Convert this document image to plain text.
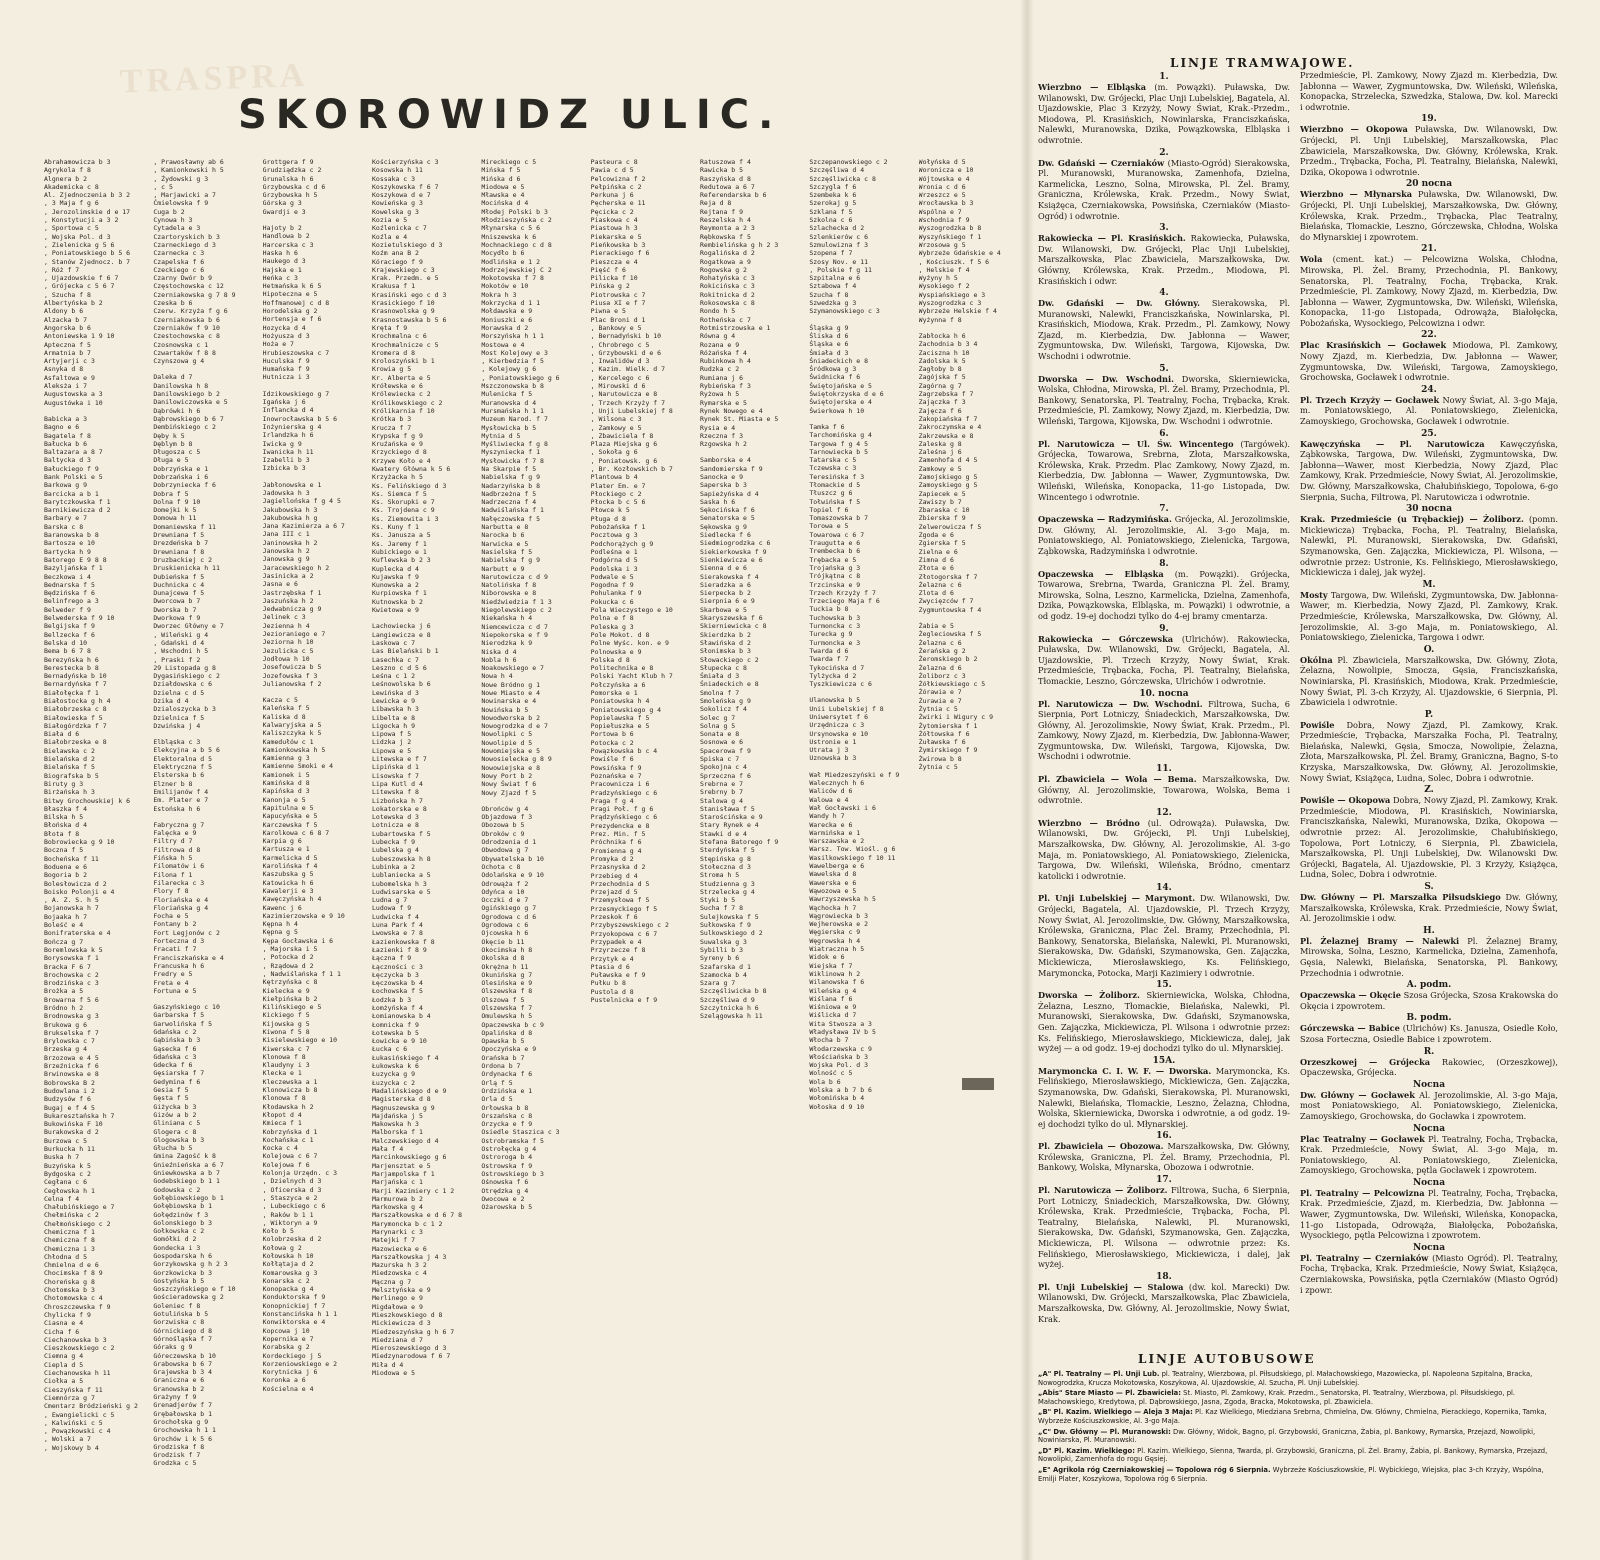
TRASPRA
SKOROWIDZ ULIC.
Abrahamowicza b 3
Agrykola f 8
Algnera b 2
Akademicka c 8
Al. Zjednoczenia b 3 2
, 3 Maja f g 6
, Jerozolimskie d e 17
, Konstytucji a 3 2
, Sportowa c 5
, Wojska Pol. d 3
, Zielenicka g 5 6
, Poniatowskiego b 5 6
, Stanów Zjednocz. b 7
, Róż f 7
, Ujazdowskie f 6 7
, Grójecka c 5 6 7
, Szucha f 8
Albertyńska b 2
Aldony b 6
Alzacka b 7
Angorska b 6
Antoniewska 1 9 10
Apteczna f 5
Armatnia b 7
Artyjerji c 3
Asnyka d 8
Asfaltowa e 9
Aleksża i 7
Augustowska a 3
Augustówka i 10
Babicka a 3
Bagno e 6
Bagatela f 8
Bałucka b 6
Baltazara a 8 7
Baltycka d 3
Bałuckiego f 9
Bank Polski e 5
Barkowa g 9
Barcicka a b 1
Barytczkowska f 1
Barnikiewicza d 2
Barbary e 7
Barska c 8
Baranowska b 8
Bartosza e 10
Bartycka h 9
Batorego E 9 8 8
Bazyljańska f 1
Beczkowa i 4
Bednarska f 5
Będzińska f 6
Belinfrego a 3
Belweder f 9
Belwederska f 9 10
Belgijska f 9
Bellzecka f 6
Belska d 10
Bema b 6 7 8
Berezyńska h 6
Berestecka b 8
Bernadyńska b 10
Bernardyńska f 7
Białołęcka f 1
Białostocka g h 4
Białobrzeska c 8
Białowieska f 5
Białogórdzka f 7
Biała d 6
Białobrzeska e 8
Bielawska c 2
Bielańska d 2
Bielańska f 5
Biografska b 5
Biruty g 3
Birżańska h 3
Bitwy Grochowskiej k 6
Błaszka f 4
Bilska h 5
Błońska d 4
Błota f 8
Bobrowiecka g 9 10
Boczna f 5
Bocheńska f 11
Boduena e 6
Bogoria b 2
Bolesłowicza d 2
Boisko Polonji e 4
, A. Z. S. h 5
Bojanowska h 7
Bojaaka h 7
Boleść e 4
Bonifraterska e 4
Bończa g 7
Boremlowska k 5
Borysowska f 1
Bracka F 6 7
Brochowska c 2
Brodzińska c 3
Brożka a 5
Browarna f 5 6
Bródno h 2
Brodnowska g 3
Brukowa g 6
Brukselska f 7
Brylowska c 7
Brzeska g 4
Brzozowa e 4 5
Brzeźnicka f 6
Brwinowska e 8
Bobrowska B 2
Budowlana i 2
Budzysów f 6
Bugaj e f 4 5
Bukaresztańska h 7
Bukowińska F 10
Burakowska d 2
Burzowa c 5
Burkucka h 11
Buska h 7
Buzyńska k 5
Bydgoska c 2
Cegłana c 6
Cegłowska h 1
Celna f 4
Chałubińskiego e 7
Chełmińska c 2
Chełmońskiego c 2
Chemiczna f 1
Chemiczna f 8
Chemiczna i 3
Chłodna d 5
Chmielna d e 6
Chocimska f 8 9
Choreńska g 8
Chotomska b 3
Chotomowska c 4
Chroszczewska f 9
Chylicka f 9
Ciasna e 4
Cicha f 6
Ciechanowska b 3
Cieszkowskiego c 2
Ciemna g 4
Ciepla d 5
Ciechanowska h 11
Ciołka a 5
Cieszyńska f 11
Ciemnórza g 7
Cmentarz Bródzieński g 2
, Ewangielicki c 5
, Kalwiński c 5
, Powązkowski c 4
, Wolski a 7
, Wojskowy b 4
, Prawosławny ab 6
, Kamionkowski h 5
, Żydowski g 3
, c 5
, Marjawicki a 7
Ćmielowska f 9
Cuga b 2
Cynowa h 3
Cytadela e 3
Czartoryskich b 3
Czarneckiego d 3
Czarnecka c 3
Czapelska f 6
Czeckiego c 6
Czarny Dwór b 9
Częstochowska c 12
Czerniakowska g 7 8 9
Czeska b 6
Czerw. Krzyża f g 6
Czerniakowska b 6
Czerniaków f 9 10
Czestochowska c 8
Czosnowska c 1
Czwartaków f 8 8
Czynszowa g 4
Daleka d 7
Danilowska h 8
Danilowskiego b 2
Danilowiczowska e 5
Dąbrówki h 6
Dąbrowskiego b 6 7
Dembińskiego c 2
Dęby k 5
Dęblym b 8
Długosza c 5
Długa e 5
Dobrzyńska e 1
Dobrzańska i 6
Dobrzyniecka f 6
Dobra f 5
Dolna f 9 10
Domejki k 5
Domowa h 11
Domaniewska f 11
Drewniana f 5
Drezdeńska b 7
Drewniana f 8
Druzbackiej c 2
Druskienicka h 11
Dubieńska f 5
Duchnicka c 4
Dunajcewa f 5
Dworcowa b 7
Dworska b 7
Dworkowa f 9
Dworzec Główny e 7
, Wileński g 4
, Gdański d 4
, Wschodni h 5
, Praski f 2
29 Listopada g 8
Dygasińskiego c 2
Działdowska c 6
Dzielna c d 5
Dzika d 4
Dzialoszycka b 3
Dzielnica f 5
Dzwińska j 4
Elbląska c 3
Elekcyjna a b 5 6
Elektoralna d 5
Elektryczna f 5
Elsterska b 6
Elzner b 8
Emilijanów f 4
Em. Plater e 7
Estońska h 6
Fabryczna g 7
Falęcka e 9
Filtry d 7
Filtrowa d 8
Fińska h 5
Filomatów i 6
Filona f 1
Filarecka c 3
Flory f 8
Floriańska e 4
Floriańska g 4
Focha e 5
Fontany b 2
Fort Legjonów c 2
Forteczna d 3
Fracati f 7
Franciszkańska e 4
Francuska h 6
Fredry e 5
Freta e 4
Fortuna e 5
Gaszyńskiego c 10
Garbarska f 5
Garwolińska f 5
Gdańska c 2
Gąbińska b 3
Gąsecka f 6
Gdańska c 3
Gdecka f 6
Gęsiarska f 7
Gedymina f 6
Gesia f 5
Gęsta f 5
Giżycka b 3
Gizów a b 2
Gliniana c 5
Glogera c 8
Glogowska b 3
Głucha b 5
Gmina Zagość k 8
Gnieźnieńska a 6 7
Gniewkowska a b 7
Godebskiego b 1 1
Godowska c 2
Gołębiowskiego b 1
Gołębiowska b 1
Gołędzinów f 3
Golonskiego b 3
Gołkowska c 2
Gomółki d 2
Gondecka i 3
Gospodarska h 6
Gorzykowska g h 2 3
Gorzkowicka b 3
Gostyńska b 5
Goszczyńskiego e f 10
Gościeradowska g 2
Goleniec f 8
Gotulińska b 5
Gorzwiska c 8
Górnickiego d 8
Górnośląska f 7
Góraks g 9
Góreczewska b 10
Grabowska b 6 7
Grajewska b 3 4
Granicznа e 6
Granowska b 2
Grażyny f 9
Grenadjerów f 7
Grębałowska b 1
Grochołska g 9
Grochowska h 1 1
Grochów i k 5 6
Grodziska f 8
Grodzisk f 7
Grodzka c 5
Grottgera f 9
Grudziądzka c 2
Grunalska h 6
Grzybowska c d 6
Grzybowska h 5
Górska g 3
Gwardji e 3
Hajoty b 2
Handlowa b 2
Harcerska c 3
Haska h 6
Haukego d 3
Hajska e 1
Heńka c 3
Hetmańska k 6 5
Hipoteczna e 5
Hoffmanowej c d 8
Horodelska g 2
Hortensja e f 6
Hozycka d 4
Hożyusza d 3
Hoża e 7
Hrubieszowska c 7
Huculska f 9
Humańska f 9
Hutnicza i 3
Idzikowskiego g 7
Igańska j 6
Inflancka d 4
Inowrocławska b 5 6
Inżynierska g 4
Irlandzka h 6
Iwicka g 9
Iwanicka h 11
Izabelli b 3
Izbicka b 3
Jabłonowska e 1
Jadowska h 3
Jagiellońska f g 4 5
Jakubowska h 3
Jakubowska h g
Jana Kazimierza a 6 7
Jana III c 1
Janinowska h 2
Janowska h 2
Janowska g 9
Jaracewskiego h 2
Jasinicka a 2
Jasna e 6
Jastrzębska f 1
Jaszuńska h 2
Jedwabnicza g 9
Jelinek c 3
Jezienna h 4
Jezioraniego e 7
Jeziorna h 10
Jezulicka c 5
Jodłowa h 10
Josefowicza b 5
Jozefowska f 3
Julianowska f 2
Kacza c 5
Kaleńska f 5
Kaliska d 8
Kalwaryjska a 5
Kaliszczyka k 5
Kamedułów c 1
Kamionkowska h 5
Kamienna g 3
Kamienne Smoki e 4
Kamionek i 5
Kamińska d 8
Kapińska d 3
Kanonja e 5
Kapitulna e 5
Kapucyńska e 5
Karczewska f 5
Karolkowa c 6 8 7
Karpia g 6
Kartusza e 1
Karmelicka d 5
Karolińska f 4
Kaszubska g 5
Katowicka h 6
Kawalerji e 3
Kawęczyńska h 4
Kawenc j 6
Kazimierzowska e 9 10
Kępna h 4
Kępna g 5
Kępa Gocławska i 6
, Majorska i 5
, Potocka d 2
, Rządowa d 2
, Nadwiślańska f 1 1
Kętrzyńska c 8
Kielecka e 9
Kiełpińska b 2
Kilińskiego e 5
Kickiego f 5
Kijowska g 5
Kiwona f 5 8
Kisielewskiego e 10
Kiwerska c 7
Klonowa f 8
Klaudyny i 3
Klecka e 1
Kleczewska a 1
Klonowicza b 8
Klonowa f 8
Kłodawska h 2
Kłopot d 4
Kmieca f 1
Kobrzyńska d 1
Kochańska c 1
Kocka c 4
Kolejowa c 6 7
Kolejowa f 6
Kolonja Urzędn. c 3
, Dzielnych d 3
, Oficerska d 3
, Staszyca e 2
, Lubeckiego c 6
, Raków b 1 1
, Wiktoryn a 9
Koło b 5
Kolobrzeska d 2
Kołowa g 2
Kołowska h 10
Kołłątaja d 2
Komarowska g 3
Konarska c 2
Konopacka g 4
Konduktorska f 9
Konopnickiej f 7
Konstancińska h 1 1
Konwiktorska e 4
Kopcowa j 10
Kopernika e 7
Korabska g 2
Kordeckiego j 5
Korzeniowskiego e 2
Korytnicka j 6
Koronka a 6
Kościelna e 4
Kościerzyńska c 3
Kosowska h 11
Kossaka c 3
Koszykowska f 6 7
Koszykowa d e 7
Kowieńska g 3
Kowelska g 3
Kozia e 5
Koźlenicka c 7
Koźla e 4
Kozietulskiego d 3
Koźm ana B 2
Kóraciego f 9
Krajewskiego c 3
Krak. Przedm. e 5
Krakusa f 1
Krasiński ego c d 3
Krasickiego f 10
Krasnowolska g 9
Krasnostawska b 5 6
Kręta f 9
Krochmalna c 6
Krochmalnicze c 5
Kromera d 8
Kroloszyński b 1
Krowia g 5
Kr. Alberta e 5
Krółewska e 6
Królewiecka c 2
Królikowskiego c 2
Królikarnia f 10
Krótka b 3
Krucza f 7
Krypska f g 9
Kruźańska e 9
Krzyckiego d 8
Krzywe Koło e 4
Kwatery Główna k 5 6
Krzyżacka h 5
Ks. Felińskiego d 3
Ks. Siemca f 5
Ks. Skorupki e 7
Ks. Trojdena c 9
Ks. Ziemowita i 3
Ks. Kuny f 1
Ks. Janusza a 5
Ks. Jaremy f 1
Kubickiego e 1
Kuflewska b 2 3
Kuplecka d 4
Kujawska f 9
Kunowska a 2
Kurpiowska f 1
Kutnowska b 2
Kwietowa e 9
Lachowiecka j 6
Langiewicza e 8
Laskowa c 7
Las Bielański b 1
Lasechka c 7
Leszno c d 5 6
Leśna c 1 2
Leśnowolska b 6
Lewińska d 3
Lewicka e 9
Libawska h 3
Libelta e 8
Ligocka h 9
Lipowa f 5
Lidzka j 2
Lipowa e 5
Litewska e f 7
Lipińska d 1
Lisowska f 7
Lipa Kutl d 4
Litewska f 8
Lizbońska h 7
Lokatorska e 8
Lotewska d 3
Lotnicza e 8
Lubartowska f 5
Lubecka f 9
Lubelska g 4
Lubeszowska h 8
Lubinka a 2
Lublaniecka a 5
Lubomelska h 3
Ludwisarska e 5
Ludna g 7
Ludowa f 9
Ludwicka f 4
Luna Park f 4
Lwowska e 7 8
Łazienkowska f 8
Łazienki f 8 9
Łączna f 9
Łączności c 3
Łęczycka b 3
Łęczowska b 4
Łochowska f 5
Łodzka b 3
Łomżyńska f 4
Łomianowska b 4
Łomnicka f 9
Łotewska b 5
Łowicka e 9 10
Łucka c 6
Łukasińskiego f 4
Łukowska k 6
Łuzycka g 9
Łuzycka c 2
Madalińskiego d e 9
Magisterska d 8
Magnuszewska g 9
Majdańska j 5
Makowska h 3
Malborska f 1
Malczewskiego d 4
Mała f 4
Marcinkowskiego g 6
Marjensztat e 5
Marjampolska f 1
Marjańska c 1
Marji Kazimiery c 1 2
Marmurowa b 2
Markowska g 4
Marszałkowska e d 6 7 8
Marymoncka b c 1 2
Marynarki c 3
Matejki f 7
Mazowiecka e 6
Marszałkowska j 4 3
Mazurska h 3 2
Miedzowska c 4
Mączna g 7
Melsztyńska e 9
Merlinego e 9
Migdałowa e 9
Mieszkowskiego d 8
Mickiewicza d 3
Miedzeszyńska g h 6 7
Miedzianа d 7
Mieroszewskiego d 3
Miedzynarodowa f 6 7
Miła d 4
Miodowa e 5
Mireckiego c 5
Mińska f 5
Mińska d 6
Miodowa e 5
Mławska e 4
Mocińska d 4
Młodej Polski b 3
Młodzieszyńska c 2
Młynarska c 5 6
Mniszewska k 6
Mochnackiego c d 8
Mocydło b 6
Modlińska e 1 2
Modrzejewskiej C 2
Mokotowska f 7 8
Mokotów e 10
Mokra h 3
Mokrzycka d 1 1
Mołdawska e 9
Moniuszki e 6
Morawska d 2
Morszyńska h 1 1
Mostowa e 4
Most Kolejowy e 3
, Kierbedzia f 5
, Kolejowy g 6
, Poniatowskiego g 6
Mszczonowska b 8
Mulenicka f 5
Muranowska d 4
Mursmańska h 1 1
Muzeum Narod. f 7
Mysłowicka b 5
Mytnia d 5
Myśliwiecka f g 8
Myszyniecka f 1
Mysłowicka f 7 8
Na Skarpie f 5
Nabielska f g 9
Nadarzyńska b 8
Nadbrzeżna f 5
Nadrzeczna f 4
Nadwiślańska f 1
Nałęczowska f 5
Narbutta e 8
Narocka b 6
Narwicka e 5
Nasielska f 5
Nabielska f g 9
Narbutt e 9
Narutowicza c d 9
Natolińska f 8
Niborowska e 8
Niedźwiedzia f 1 3
Niegolewskiego c 2
Niekańska h 4
Niemcewicza c d 7
Niepokorska e f 9
Nierodzka k 9
Niska d 4
Nobla h 6
Noakowskiego e 7
Nowa h 4
Nowe Bródno g 1
Nowe Miasto e 4
Nowinarska e 4
Nowińska b 5
Nowodworska b 2
Nowogrodzka d e 7
Nowolipki c 5
Nowolipie d 5
Nowomiejska e 5
Nowosielecka g 8 9
Nowowiejska e 8
Nowy Port b 2
Nowy Świat f 6
Nowy Zjazd f 5
Obrońców g 4
Objazdowa f 3
Obozowa b 5
Obroków c 9
Odrodzenia d 1
Obwodowa g 7
Obywatelska b 10
Ochota c 8
Odolańska e 9 10
Odrowąża f 2
Odyńca e 10
Occzki d e 7
Ogińskiego g 7
Ogrodowa c d 6
Ogrodowa c 6
Ojcowska h 6
Okęcie b 11
Okocimska h 8
Okolska d 8
Okrężna h 11
Okunińska g 7
Olesińska e 9
Olszewska f 8
Olszowa f 5
Olszewska f 7
Omulewska h 5
Opaczewska b c 9
Opalińska d 8
Opawska b 5
Opoczyńska e 9
Orańska b 7
Ordona b 7
Ordynacka f 6
Orlą f 5
Ordzińska e 1
Orla d 5
Orłowska b 8
Orszańska c 8
Orzycka e f 9
Osiedle Staszica c 3
Ostrobramska f 5
Ostrołęcka g 4
Ostroroga b 4
Ostrowska f 9
Ostrowskiego b 3
Ośnowska f 6
Otrędzka g 4
Owocowa e 2
Ożarowska b 5
Pasteura c 8
Pawia c d 5
Pelcowizna f 2
Pełpińska c 2
Perkuna j 6
Pęcherska e 11
Pęcicka c 2
Piaskowa c 4
Piastowa h 3
Piekarska e 5
Pieńkowska b 3
Pierackiego f 6
Pieszcza e 4
Pięść f 6
Pilicka f 10
Pińska g 2
Piotrowska c 7
Piusa XI e f 7
Piwna e 5
Plac Broni d 1
, Bankowy e 5
, Bernadyński b 10
, Chrobrego c 5
, Grzybowski d e 6
, Inwalidów d 3
, Kazim. Wielk. d 7
, Kercelego c 6
, Mirowski d 6
, Narutowicza e 8
, Trzech Krzyży f 7
, Unji Lubelskiej f 8
, Wilsona c 3
, Zamkowy e 5
, Zbawiciela f 8
Plaza Miejska g 6
, Sokoła g 6
, Poniatowsk. g 6
, Br. Kozłowskich b 7
Plantowa b 4
Plater Em. e 7
Płockiego c 2
Płocka b c 5 6
Płowce k 5
Pługa d 8
Pobożańska f 1
Pocztowa g 3
Podchorążych g 9
Podleśna e 1
Podgórna d 5
Podolska i 3
Podwale e 5
Pogodna f 9
Pohulanka f 9
Pokucka c 6
Pola Wieczystego e 10
Polna e f 8
Poleska g 3
Pole Mokot. d 8
Polne Wyśc. kon. e 9
Polnowska e 9
Polska d 8
Politechnika e 8
Polski Yacht Klub h 7
Połczyńska a 6
Pomorska e 1
Poniatowska h 4
Poniatowskiego g 4
Popielawska f 5
Popiełuszka e 5
Portowa b 6
Potocka c 2
Powązkowska b c 4
Powiśle f 6
Powsińska f 9
Poznańska e 7
Pracownicza i 6
Pradzyńskiego c 6
Praga f g 4
Pragi Poł. f g 6
Prądzyńskiego c 6
Prezydencka e 8
Prez. Min. f 5
Próchnika f 6
Promienna g 4
Promyka d 2
Przasnyska d 2
Przebieg d 4
Przechodnia d 5
Przejazd d 5
Przemysłowa f 5
Przesmyckiego f 5
Przeskok f 6
Przybyszewskiego c 2
Przyokopowa c 6 7
Przypadek e 4
Przyrzecze f 8
Przytyk e 4
Ptasia d 6
Puławska e f 9
Pułku b 8
Pustola d 8
Pustelnicka e f 9
Ratuszowa f 4
Rawicka b 5
Raszyńska d 8
Redutowa a 6 7
Referendarska b 6
Reja d 8
Rejtana f 9
Reszelska h 4
Reymonta a 2 3
Rębkowska f 5
Rembielińska g h 2 3
Rogalińska d 2
Rogatkowa a 9
Rogowska g 2
Rohatyńska c 3
Rokicińska c 3
Rokitnicka d 2
Rokosowska c 8
Rondo h 5
Rotheńska c 7
Rotmistrzowska e 1
Równa g 4
Rozana e 9
Różańska f 4
Rubinkowa h 4
Rudzka c 2
Rumiana j 6
Rybieńska f 3
Ryżowa h 5
Rymarska e 5
Rynek Nowego e 4
Rynek St. Miasta e 5
Rysia e 4
Rzeczna f 3
Rzgowska h 2
Samborska e 4
Sandomierska f 9
Sanocka e 9
Saperska b 3
Sapieżyńska d 4
Saska h 6
Sękocińska f 6
Senatorska e 5
Sękowska g 9
Siedlecka f 6
Siedmiogrodzka c 6
Siekierkowska f 9
Sienkiewicza e 6
Sienna d e 6
Sierakowska f 4
Sieradzka a 6
Sierpecka b 2
Sierpnia 6 e 9
Skarbowa e 5
Skaryszewska f 6
Skierniewicka c 8
Skierdzka b 2
Sławińska d 2
Słonimska b 3
Słowackiego c 2
Słupecka c 8
Śmiała d 3
Śniadeckich e 8
Smolna f 7
Smoleńska g 9
Sokolicz f 4
Solec g 7
Solna g 5
Sonata e 8
Sosnowa e 6
Spacerowa f 9
Spiska c 7
Spokojna c 4
Sprzeczna f 6
Srebrna e 7
Srebrny b 7
Stalowa g 4
Stanisława f 5
Starościńska e 9
Stary Rynek e 4
Stawki d e 4
Stefana Batorego f 9
Sterdyńska f 5
Stępińska g 8
Stołeczna d 3
Stroma h 5
Studzienna g 3
Strzelecka g 4
Styki b 5
Sucha f 7 8
Sulejkowska f 5
Sułkowska f 9
Sulkowskiego d 2
Suwalska g 3
Sybilli b 3
Syreny b 6
Szafarska d 1
Szamocka b 4
Szara g 7
Szczęśliwicka b 8
Szczęśliwa d 9
Szczytnicka h 6
Szelągowska h 11
Szczepanowskiego c 2
Szczęśliwa d 4
Szczęśliwicka c 8
Szczygla f 6
Szembeka k 6
Szerokaj g 5
Szklana f 5
Szkolna c 6
Szlachecka d 2
Szlenkierów c 6
Szmulowizna f 3
Szopena f 7
Szosy Nov. e 11
, Polskie f g 11
Szpitalna e 6
Sztabowa f 4
Szucha f 8
Szwedzka g 3
Szymanowskiego c 3
Śląska g 9
Śliska d 6
Śląska e 6
Śmiała d 3
Śniadeckich e 8
Śródkowa g 3
Świdnicka f 6
Świętojańska e 5
Świętokrzyska d e 6
Świętojerska e 4
Świerkowa h 10
Tamka f 6
Tarchomińska g 4
Targowa f g 4 5
Tarnowiecka b 5
Tatarska c 5
Tczewska c 3
Teresińska f 3
Tłomackie d 5
Tłuszcz g 6
Tołwińska f 5
Topiel f 6
Tomaszowska b 7
Torowa e 5
Towarowa c 6 7
Traugutta e 6
Trembecka b 6
Trębacka e 5
Trojańska g 3
Trójkątna c 8
Trzcinska e 9
Trzech Krzyży f 7
Trzeciego Maja f 6
Tuckia b 8
Tuchowska b 3
Turmoncka c 3
Turecka g 9
Turmoncka e 3
Twarda d 6
Twarda f 7
Tykocińska d 7
Tylżycka d 2
Tyszkiewicza c 6
Ulanowska b 5
Unii Lubelskiej f 8
Uniwersytet f 6
Urzędnicza c 3
Ursynowska e 10
Ustronie e 1
Utrata j 3
Uznowska b 3
Wał Miedzeszyński e f 9
Walecznych h 6
Waliców d 6
Walowa e 4
Wał Gocławski i 6
Wandy h 7
Warecka e 6
Warmińska e 1
Warszawska e 2
Warsz. Tow. Wiośl. g 6
Wasilkowskiego f 10 11
Wawelberga e 6
Wawelska d 8
Wawerska e 6
Wąwozowa e 5
Wawrzyszewska h 5
Wąchocka h 7
Wągrowiecka b 3
Wejherowska e 2
Węgierska c 9
Węgrowska h 4
Wiatraczna h 5
Widok e 6
Wiejska f 7
Wiklinowa h 2
Wilanowska f 6
Wileńska g 4
Wiślana f 6
Wiśniowa e 9
Wiślicka d 7
Wita Stwosza a 3
Władysława IV b 5
Włocha b 7
Włodarzewska c 9
Włościańska b 3
Wojska Pol. d 3
Wolność c 5
Wola b 6
Wolska a b 7 b 6
Wołomińska b 4
Wołoska d 9 10
Wołyńska d 5
Woronicza e 10
Wójtowska e 4
Wronia c d 6
Wrzeszcz e 5
Wrocławska b 3
Wspólna e 7
Wschodnia f 9
Wyszogrodzka b 8
Wyszyńskiego f 1
Wrzosowa g 5
Wybrzeże Gdańskie e 4
, Kościuszk. f 5 6
, Helskie f 4
Wyżyny h 5
Wysokiego f 2
Wyspiańskiego e 3
Wyszogrodzka c 3
Wybrzeże Helskie f 4
Wyżynna f 8
Zabłocka h 6
Zachodnia b 3 4
Zaciszna h 10
Zadolska k 5
Zagłoby b 8
Zagójska f 5
Zagórna g 7
Zagrzebska f 7
Zajączka f 3
Zajęcza f 6
Zakopiańska f 7
Zakroczymska e 4
Zakrzewska e 8
Zaleska g 8
Zaleśna j 6
Zamenhofa d 4 5
Zamkowy e 5
Zamojskiego g 5
Zamoyskiego g 5
Zapiecek e 5
Zawiszy b 7
Zbaraska c 10
Zbierska f 9
Zelwerowicza f 5
Zgoda e 6
Zgierska f 5
Zielna e 6
Zimna d 6
Złota e 6
Złotogorska f 7
Żelazna c 6
Zlota d 6
Zwycięzców f 7
Zygmuntowska f 4
Żabia e 5
Żegleciowska f 5
Żelazna c 6
Żerańska g 2
Żeromskiego b 2
Żelazna d 6
Żoliborz c 3
Żółkiewskiego c 5
Żórawia e 7
Żurawia e 7
Żytnia c 5
Żwirki i Wigury c 9
Żytomierska f 1
Żółtowska f 6
Żuławska f 6
Żymirskiego f 9
Żwirowa b 8
Żytnia c 5
LINJE TRAMWAJOWE.
1.
Wierzbno — Elbląska (m. Powązki). Puławska, Dw. Wilanowski, Dw. Grójecki, Plac Unji Lubelskiej, Bagatela, Al. Ujazdowskie, Plac 3 Krzyży, Nowy Świat, Krak.-Przedm., Miodowa, Pl. Krasińskich, Nowinlarska, Franciszkańska, Nalewki, Muranowska, Dzika, Powązkowska, Elbląska i odwrotnie.
2.
Dw. Gdański — Czerniaków (Miasto-Ogród) Sierakowska, Pl. Muranowski, Muranowska, Zamenhofa, Dzielna, Karmelicka, Leszno, Solna, Mirowska, Pl. Żel. Bramy, Graniczna, Królewska, Krak. Przedm., Nowy Świat, Książęca, Czerniakowska, Powsińska, Czerniaków (Miasto-Ogród) i odwrotnie.
3.
Rakowiecka — Pl. Krasińskich. Rakowiecka, Puławska, Dw. Wilanowski, Dw. Grójecki, Plac Unji Lubelskiej, Marszałkowska, Plac Zbawiciela, Marszałkowska, Dw. Główny, Królewska, Krak. Przedm., Miodowa, Pl. Krasińskich i odwr.
4.
Dw. Gdański — Dw. Główny. Sierakowska, Pl. Muranowski, Nalewki, Franciszkańska, Nowinlarska, Pl. Krasińskich, Miodowa, Krak. Przedm., Pl. Zamkowy, Nowy Zjazd, m. Kierbedzia, Dw. Jabłonna — Wawer, Zygmuntowska, Dw. Wileński, Targowa, Kijowska, Dw. Wschodni i odwrotnie.
5.
Dworska — Dw. Wschodni. Dworska, Skierniewicka, Wolska, Chłodna, Mirowska, Pl. Żel. Bramy, Przechodnia, Pl. Bankowy, Senatorska, Pl. Teatralny, Focha, Trębacka, Krak. Przedmieście, Pl. Zamkowy, Nowy Zjazd, m. Kierbedzia, Dw. Wileński, Targowa, Kijowska, Dw. Wschodni i odwrotnie.
6.
Pl. Narutowicza — Ul. Św. Wincentego (Targówek). Grójecka, Towarowa, Srebrna, Złota, Marszałkowska, Królewska, Krak. Przedm. Plac Zamkowy, Nowy Zjazd, m. Kierbedzia, Dw. Jabłonna — Wawer, Zygmuntowska, Dw. Wileński, Wileńska, Konopacka, 11-go Listopada, Dw. Wincentego i odwrotnie.
7.
Opaczewska — Radzymińska. Grójecka, Al. Jerozolimskie, Dw. Główny, Al. Jerozolimskie, Al. 3-go Maja, m. Poniatowskiego, Al. Poniatowskiego, Zielenicka, Targowa, Ząbkowska, Radzymińska i odwrotnie.
8.
Opaczewska — Elbląska (m. Powązki). Grójecka, Towarowa, Srebrna, Twarda, Graniczna Pl. Żel. Bramy, Mirowska, Solna, Leszno, Karmelicka, Dzielna, Zamenhofa, Dzika, Powązkowska, Elbląska, m. Powązki) i odwrotnie, a od godz. 19-ej dochodzi tylko do 4-ej bramy cmentarza.
9.
Rakowiecka — Górczewska (Ulrichów). Rakowiecka, Puławska, Dw. Wilanowski, Dw. Grójecki, Bagatela, Al. Ujazdowskie, Pl. Trzech Krzyży, Nowy Świat, Krak. Przedmieście, Trębacka, Focha, Pl. Teatralny, Bielańska, Tłomackie, Leszno, Górczewska, Ulrichów i odwrotnie.
10. nocna
Pl. Narutowicza — Dw. Wschodni. Filtrowa, Sucha, 6 Sierpnia, Port Lotniczy, Śniadeckich, Marszałkowska, Dw. Główny, Al. Jerozolimskie, Nowy Świat, Krak. Przedm., Pl. Zamkowy, Nowy Zjazd, m. Kierbedzia, Dw. Jabłonna-Wawer, Zygmuntowska, Dw. Wileński, Targowa, Kijowska, Dw. Wschodni i odwrotnie.
11.
Pl. Zbawiciela — Wola — Bema. Marszałkowska, Dw. Główny, Al. Jerozolimskie, Towarowa, Wolska, Bema i odwrotnie.
12.
Wierzbno — Bródno (ul. Odrowąża). Puławska, Dw. Wilanowski, Dw. Grójecki, Pl. Unji Lubelskiej, Marszałkowska, Dw. Główny, Al. Jerozolimskie, Al. 3-go Maja, m. Poniatowskiego, Al. Poniatowskiego, Zielenicka, Targowa, Dw. Wileński, Wileńska, Bródno, cmentarz katolicki i odwrotnie.
14.
Pl. Unji Lubelskiej — Marymont. Dw. Wilanowski, Dw. Grójecki, Bagatela, Al. Ujazdowskie, Pl. Trzech Krzyży, Nowy Świat, Al. Jerozolimskie, Dw. Główny, Marszałkowska, Królewska, Graniczna, Plac Żel. Bramy, Przechodnia, Pl. Bankowy, Senatorska, Bielańska, Nalewki, Pl. Muranowski, Sierakowska, Dw. Gdański, Szymanowska, Gen. Zajączka, Mickiewicza, Mierosławskiego, Ks. Felińskiego, Marymoncka, Potocka, Marji Kazimiery i odwrotnie.
15.
Dworska — Żoliborz. Skierniewicka, Wolska, Chłodna, Żelazna, Leszno, Tłomackie, Bielańska, Nalewki, Pl. Muranowski, Sierakowska, Dw. Gdański, Szymanowska, Gen. Zajączka, Mickiewicza, Pl. Wilsona i odwrotnie przez: Ks. Felińskiego, Mierosławskiego, Mickiewicza, dalej, jak wyżej — a od godz. 19-ej dochodzi tylko do ul. Młynarskiej.
15A.
Marymoncka C. I. W. F. — Dworska. Marymoncka, Ks. Felińskiego, Mierosławskiego, Mickiewicza, Gen. Zajączka, Szymanowska, Dw. Gdański, Sierakowska, Pl. Muranowski, Nalewki, Bielańska, Tłomackie, Leszno, Żelazna, Chłodna, Wolska, Skierniewicka, Dworska i odwrotnie, a od godz. 19-ej dochodzi tylko do ul. Młynarskiej.
16.
Pl. Zbawiciela — Obozowa. Marszałkowska, Dw. Główny, Królewska, Graniczna, Pl. Żel. Bramy, Przechodnia, Pl. Bankowy, Wolska, Młynarska, Obozowa i odwrotnie.
17.
Pl. Narutowicza — Żoliborz. Filtrowa, Sucha, 6 Sierpnia, Port Lotniczy, Śniadeckich, Marszałkowska, Dw. Główny, Królewska, Krak. Przedmieście, Trębacka, Focha, Pl. Teatralny, Bielańska, Nalewki, Pl. Muranowski, Sierakowska, Dw. Gdański, Szymanowska, Gen. Zajączka, Mickiewicza, Pl. Wilsona — odwrotnie przez: Ks. Felińskiego, Mierosławskiego, Mickiewicza, i dalej, jak wyżej.
18.
Pl. Unji Lubelskiej — Stalowa (dw. kol. Marecki) Dw. Wilanowski, Dw. Grójecki, Marszałkowska, Plac Zbawiciela, Marszałkowska, Dw. Główny, Al. Jerozolimskie, Nowy Świat, Krak.
Przedmieście, Pl. Zamkowy, Nowy Zjazd m. Kierbedzia, Dw. Jabłonna — Wawer, Zygmuntowska, Dw. Wileński, Wileńska, Konopacka, Strzelecka, Szwedzka, Stalowa, Dw. kol. Marecki i odwrotnie.
19.
Wierzbno — Okopowa Puławska, Dw. Wilanowski, Dw. Grójecki, Pl. Unji Lubelskiej, Marszałkowska, Plac Zbawiciela, Marszałkowska, Dw. Główny, Królewska, Krak. Przedm., Trębacka, Focha, Pl. Teatralny, Bielańska, Nalewki, Dzika, Okopowa i odwrotnie.
20 nocna
Wierzbno — Młynarska Puławska, Dw. Wilanowski, Dw. Grójecki, Pl. Unji Lubelskiej, Marszałkowska, Dw. Główny, Królewska, Krak. Przedm., Trębacka, Plac Teatralny, Bielańska, Tłomackie, Leszno, Górczewska, Chłodna, Wolska do Młynarskiej i zpowrotem.
21.
Wola (cment. kat.) — Pelcowizna Wolska, Chłodna, Mirowska, Pl. Żel. Bramy, Przechodnia, Pl. Bankowy, Senatorska, Pl. Teatralny, Focha, Trębacka, Krak. Przedmieście, Pl. Zamkowy, Nowy Zjazd, m. Kierbedzia, Dw. Jabłonna — Wawer, Zygmuntowska, Dw. Wileński, Wileńska, Konopacka, 11-go Listopada, Odrowąża, Białołęcka, Pobożańska, Wysockiego, Pelcowizna i odwr.
22.
Plac Krasińskich — Gocławek Miodowa, Pl. Zamkowy, Nowy Zjazd, m. Kierbedzia, Dw. Jabłonna — Wawer, Zygmuntowska, Dw. Wileński, Targowa, Zamoyskiego, Grochowska, Gocławek i odwrotnie.
24.
Pl. Trzech Krzyży — Gocławek Nowy Świat, Al. 3-go Maja, m. Poniatowskiego, Al. Poniatowskiego, Zielenicka, Zamoyskiego, Grochowska, Gocławek i odwrotnie.
25.
Kawęczyńska — Pl. Narutowicza Kawęczyńska, Ząbkowska, Targowa, Dw. Wileński, Zygmuntowska, Dw. Jabłonna—Wawer, most Kierbedzia, Nowy Zjazd, Plac Zamkowy, Krak. Przedmieście, Nowy Świat, Al. Jerozolimskie, Dw. Główny, Marszałkowska, Chałubińskiego, Topolowa, 6-go Sierpnia, Sucha, Filtrowa, Pl. Narutowicza i odwrotnie.
30 nocna
Krak. Przedmieście (u Trębackiej) — Żoliborz. (pomn. Mickiewicza) Trębacka, Focha, Pl. Teatralny, Bielańska, Nalewki, Pl. Muranowski, Sierakowska, Dw. Gdański, Szymanowska, Gen. Zajączka, Mickiewicza, Pl. Wilsona, — odwrotnie przez: Ustronie, Ks. Felińskiego, Mierosławskiego, Mickiewicza i dalej, jak wyżej.
M.
Mosty Targowa, Dw. Wileński, Zygmuntowska, Dw. Jabłonna-Wawer, m. Kierbedzia, Nowy Zjazd, Pl. Zamkowy, Krak. Przedmieście, Królewska, Marszałkowska, Dw. Główny, Al. Jerozolimskie, Al. 3-go Maja, m. Poniatowskiego, Al. Poniatowskiego, Zielenicka, Targowa i odwr.
O.
Okólna Pl. Zbawiciela, Marszałkowska, Dw. Główny, Złota, Żelazna, Nowolipie, Smocza, Gęsia, Franciszkańska, Nowiniarska, Pl. Krasińskich, Miodowa, Krak. Przedmieście, Nowy Świat, Pl. 3-ch Krzyży, Al. Ujazdowskie, 6 Sierpnia, Pl. Zbawiciela i odwrotnie.
P.
Powiśle Dobra, Nowy Zjazd, Pl. Zamkowy, Krak. Przedmieście, Trębacka, Marszałka Focha, Pl. Teatralny, Bielańska, Nalewki, Gęsia, Smocza, Nowolipie, Żelazna, Złota, Marszałkowska, Pl. Żel. Bramy, Graniczna, Bagno, S-to Krzyska, Marszałkowska, Dw. Główny, Al. Jerozolimskie, Nowy Świat, Książęca, Ludna, Solec, Dobra i odwrotnie.
Z.
Powiśle — Okopowa Dobra, Nowy Zjazd, Pl. Zamkowy, Krak. Przedmieście, Miodowa, Pl. Krasińskich, Nowiniarska, Franciszkańska, Nalewki, Muranowska, Dzika, Okopowa — odwrotnie przez: Al. Jerozolimskie, Chałubińskiego, Topolowa, Port Lotniczy, 6 Sierpnia, Pl. Zbawiciela, Marszałkowska, Pl. Unji Lubelskiej, Dw. Wilanowski Dw. Grójecki, Bagatela, Al. Ujazdowskie, Pl. 3 Krzyży, Książęca, Ludna, Solec, Dobra i odwrotnie.
S.
Dw. Główny — Pl. Marszałka Piłsudskiego Dw. Główny, Marszałkowska, Królewska, Krak. Przedmieście, Nowy Świat, Al. Jerozolimskie i odw.
H.
Pl. Żelaznej Bramy — Nalewki Pl. Żelaznej Bramy, Mirowska, Solna, Leszno, Karmelicka, Dzielna, Zamenhofa, Gęsia, Nalewki, Bielańska, Senatorska, Pl. Bankowy, Przechodnia i odwrotnie.
A. podm.
Opaczewska — Okęcie Szosa Grójecka, Szosa Krakowska do Okęcia i zpowrotem.
B. podm.
Górczewska — Babice (Ulrichów) Ks. Janusza, Osiedle Koło, Szosa Forteczna, Osiedle Babice i zpowrotem.
R.
Orzeszkowej — Grójecka Rakowiec, (Orzeszkowej), Opaczewska, Grójecka.
Nocna
Dw. Główny — Gocławek Al. Jerozolimskie, Al. 3-go Maja, most Poniatowskiego, Al. Poniatowskiego, Zielenicka, Zamoyskiego, Grochowska, do Gocławka i zpowrotem.
Nocna
Plac Teatralny — Gocławek Pl. Teatralny, Focha, Trębacka, Krak. Przedmieście, Nowy Świat, Al. 3-go Maja, m. Poniatowskiego, Al. Poniatowskiego, Zielenicka, Zamoyskiego, Grochowska, pętla Gocławek i zpowrotem.
Nocna
Pl. Teatralny — Pelcowizna Pl. Teatralny, Focha, Trębacka, Krak. Przedmieście, Zjazd, m. Kierbedzia, Dw. Jabłonna — Wawer, Zygmuntowska, Dw. Wileński, Wileńska, Konopacka, 11-go Listopada, Odrowąża, Białołęcka, Pobożańska, Wysockiego, pętla Pelcowizna i zpowrotem.
Nocna
Pl. Teatralny — Czerniaków (Miasto Ogród). Pl. Teatralny, Focha, Trębacka, Krak. Przedmieście, Nowy Świat, Książęca, Czerniakowska, Powsińska, pętla Czerniaków (Miasto Ogród) i zpowr.
LINJE AUTOBUSOWE
„A" Pl. Teatralny — Pl. Unji Lub. pl. Teatralny, Wierzbowa, pl. Piłsudskiego, pl. Małachowskiego, Mazowiecka, pl. Napoleona Szpitalna, Bracka, Nowogrodzka, Krucza Mokotowska, Koszykowa, Al. Ujazdowskie, Al. Szucha, Pl. Unji Lubelskiej.
„Abis" Stare Miasto — Pl. Zbawiciela: St. Miasto, Pl. Zamkowy, Krak. Przedm., Senatorska, Pl. Teatralny, Wierzbowa, pl. Piłsudskiego, pl. Małachowskiego, Kredytowa, pl. Dąbrowskiego, Jasna, Zgoda, Bracka, Mokotowska, pl. Zbawiciela.
„B" Pl. Kazim. Wielkiego — Aleja 3 Maja: Pl. Kaz Wielkiego, Miedziana Srebrna, Chmielna, Dw. Główny, Chmielna, Pierackiego, Kopernika, Tamka, Wybrzeże Kościuszkowskie, Al. 3-go Maja.
„C" Dw. Główny — Pl. Muranowski: Dw. Główny, Widok, Bagno, pl. Grzybowski, Graniczna, Żabia, pl. Bankowy, Rymarska, Przejazd, Nowolipki, Nowiniarska, Pl. Muranowski.
„D" Pl. Kazim. Wielkiego: Pl. Kazim. Wielkiego, Sienna, Twarda, pl. Grzybowski, Graniczna, pl. Żel. Bramy, Żabia, pl. Bankowy, Rymarska, Przejazd, Nowolipki, Zamenhofa do rogu Gęsiej.
„E" Agrikola róg Czerniakowskiej — Topolowa róg 6 Sierpnia. Wybrzeże Kościuszkowskie, Pl. Wybickiego, Wiejska, plac 3-ch Krzyży, Wspólna, Emilji Plater, Koszykowa, Topolowa róg 6 Sierpnia.
